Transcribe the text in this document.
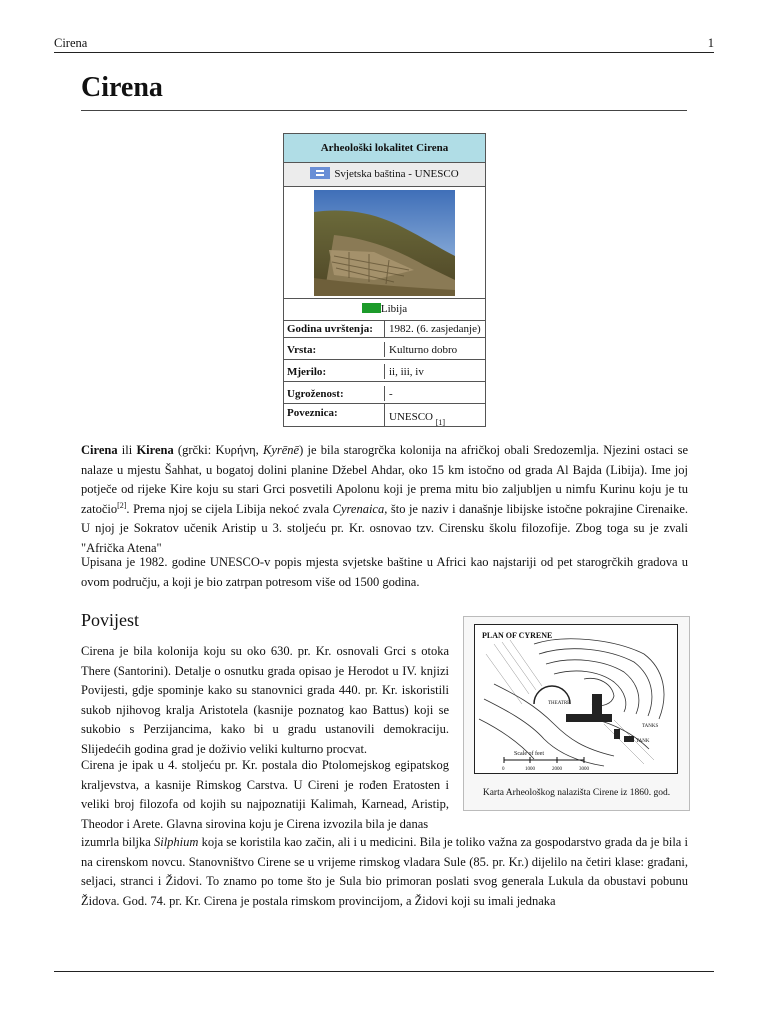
Cirena	1
Cirena
Arheološki lokalitet Cirena
Svjetska baština - UNESCO
Libija
Godina uvrštenja :	1982. (6. zasjedanje)
Vrsta :	Kulturno dobro
Mjerilo :	ii, iii, iv
Ugroženost :	-
Poveznica :	UNESCO
[1]

Cirena ili Kirena (grčki: Κυρήνη, Kyrēnē) je bila starogrčka kolonija na afričkoj obali Sredozemlja. Njezini ostaci se nalaze u mjestu Šahhat, u bogatoj dolini planine Džebel Ahdar, oko 15 km istočno od grada Al Bajda (Libija). Ime joj potječe od rijeke Kire koju su stari Grci posvetili Apolonu koji je prema mitu bio zaljubljen u nimfu Kurinu koju je tu zatočio[2]. Prema njoj se cijela Libija nekoć zvala Cyrenaica, što je naziv i današnje libijske istočne pokrajine Cirenaike. U njoj je Sokratov učenik Aristip u 3. stoljeću pr. Kr. osnovao tzv. Cirensku školu filozofije. Zbog toga su je zvali "Afrička Atena"

Upisana je 1982. godine UNESCO-v popis mjesta svjetske baštine u Africi kao najstariji od pet starogrčkih gradova u ovom području, a koji je bio zatrpan potresom više od 1500 godina.

Povijest

Cirena je bila kolonija koju su oko 630. pr. Kr. osnovali Grci s otoka There (Santorini). Detalje o osnutku grada opisao je Herodot u IV. knjizi Povijesti, gdje spominje kako su stanovnici grada 440. pr. Kr. iskoristili sukob njihovog kralja Aristotela (kasnije poznatog kao Battus) koji se sukobio s Perzijancima, kako bi u gradu ustanovili demokraciju. Slijedećih godina grad je doživio veliki kulturno procvat.

Cirena je ipak u 4. stoljeću pr. Kr. postala dio Ptolomejskog egipatskog kraljevstva, a kasnije Rimskog Carstva. U Cireni je rođen Eratosten i veliki broj filozofa od kojih su najpoznatiji Kalimah, Karnead, Aristip, Theodor i Arete. Glavna sirovina koju je Cirena izvozila bila je danas

izumrla biljka Silphium koja se koristila kao začin, ali i u medicini. Bila je toliko važna za gospodarstvo grada da je bila i na cirenskom novcu. Stanovništvo Cirene se u vrijeme rimskog vladara Sule (85. pr. Kr.) dijelilo na četiri klase: građani, seljaci, stranci i Židovi. To znamo po tome što je Sula bio primoran poslati svog generala Lukula da obustavi pobunu Židova. God. 74. pr. Kr. Cirena je postala rimskom provincijom, a Židovi koji su imali jednaka

PLAN OF CYRENE
THEATRE
TANKS
TANK
Scale of feet
0	1000	2000	3000
Karta Arheološkog nalazišta Cirene iz 1860. god.
